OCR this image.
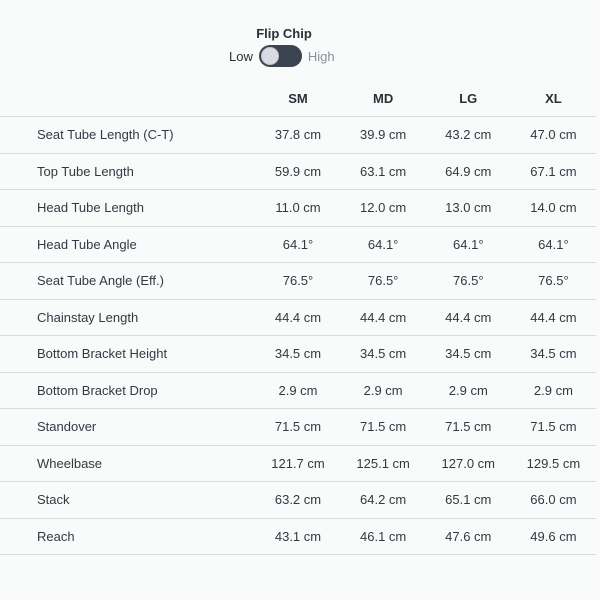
Flip Chip
Low	High
	SM	MD	LG	XL
Seat Tube Length (C-T)	37.8 cm	39.9 cm	43.2 cm	47.0 cm
Top Tube Length	59.9 cm	63.1 cm	64.9 cm	67.1 cm
Head Tube Length	11.0 cm	12.0 cm	13.0 cm	14.0 cm
Head Tube Angle	64.1°	64.1°	64.1°	64.1°
Seat Tube Angle (Eff.)	76.5°	76.5°	76.5°	76.5°
Chainstay Length	44.4 cm	44.4 cm	44.4 cm	44.4 cm
Bottom Bracket Height	34.5 cm	34.5 cm	34.5 cm	34.5 cm
Bottom Bracket Drop	2.9 cm	2.9 cm	2.9 cm	2.9 cm
Standover	71.5 cm	71.5 cm	71.5 cm	71.5 cm
Wheelbase	121.7 cm	125.1 cm	127.0 cm	129.5 cm
Stack	63.2 cm	64.2 cm	65.1 cm	66.0 cm
Reach	43.1 cm	46.1 cm	47.6 cm	49.6 cm
